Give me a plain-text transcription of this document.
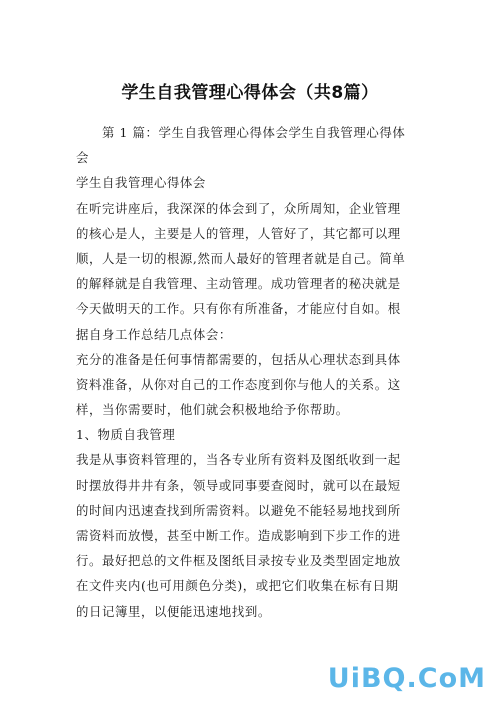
学生自我管理心得体会（共8篇）
第 1 篇：学生自我管理心得体会学生自我管理心得体
会
学生自我管理心得体会
在听完讲座后，我深深的体会到了，众所周知，企业管理
的核心是人，主要是人的管理，人管好了，其它都可以理
顺，人是一切的根源,然而人最好的管理者就是自己。简单
的解释就是自我管理、主动管理。成功管理者的秘决就是
今天做明天的工作。只有你有所准备，才能应付自如。根
据自身工作总结几点体会：
充分的准备是任何事情都需要的，包括从心理状态到具体
资料准备，从你对自己的工作态度到你与他人的关系。这
样，当你需要时，他们就会积极地给予你帮助。
1、物质自我管理
我是从事资料管理的，当各专业所有资料及图纸收到一起
时摆放得井井有条，领导或同事要查阅时，就可以在最短
的时间内迅速查找到所需资料。以避免不能轻易地找到所
需资料而放慢，甚至中断工作。造成影响到下步工作的进
行。最好把总的文件框及图纸目录按专业及类型固定地放
在文件夹内(也可用颜色分类)，或把它们收集在标有日期
的日记簿里，以便能迅速地找到。
UiBQ.CoM
